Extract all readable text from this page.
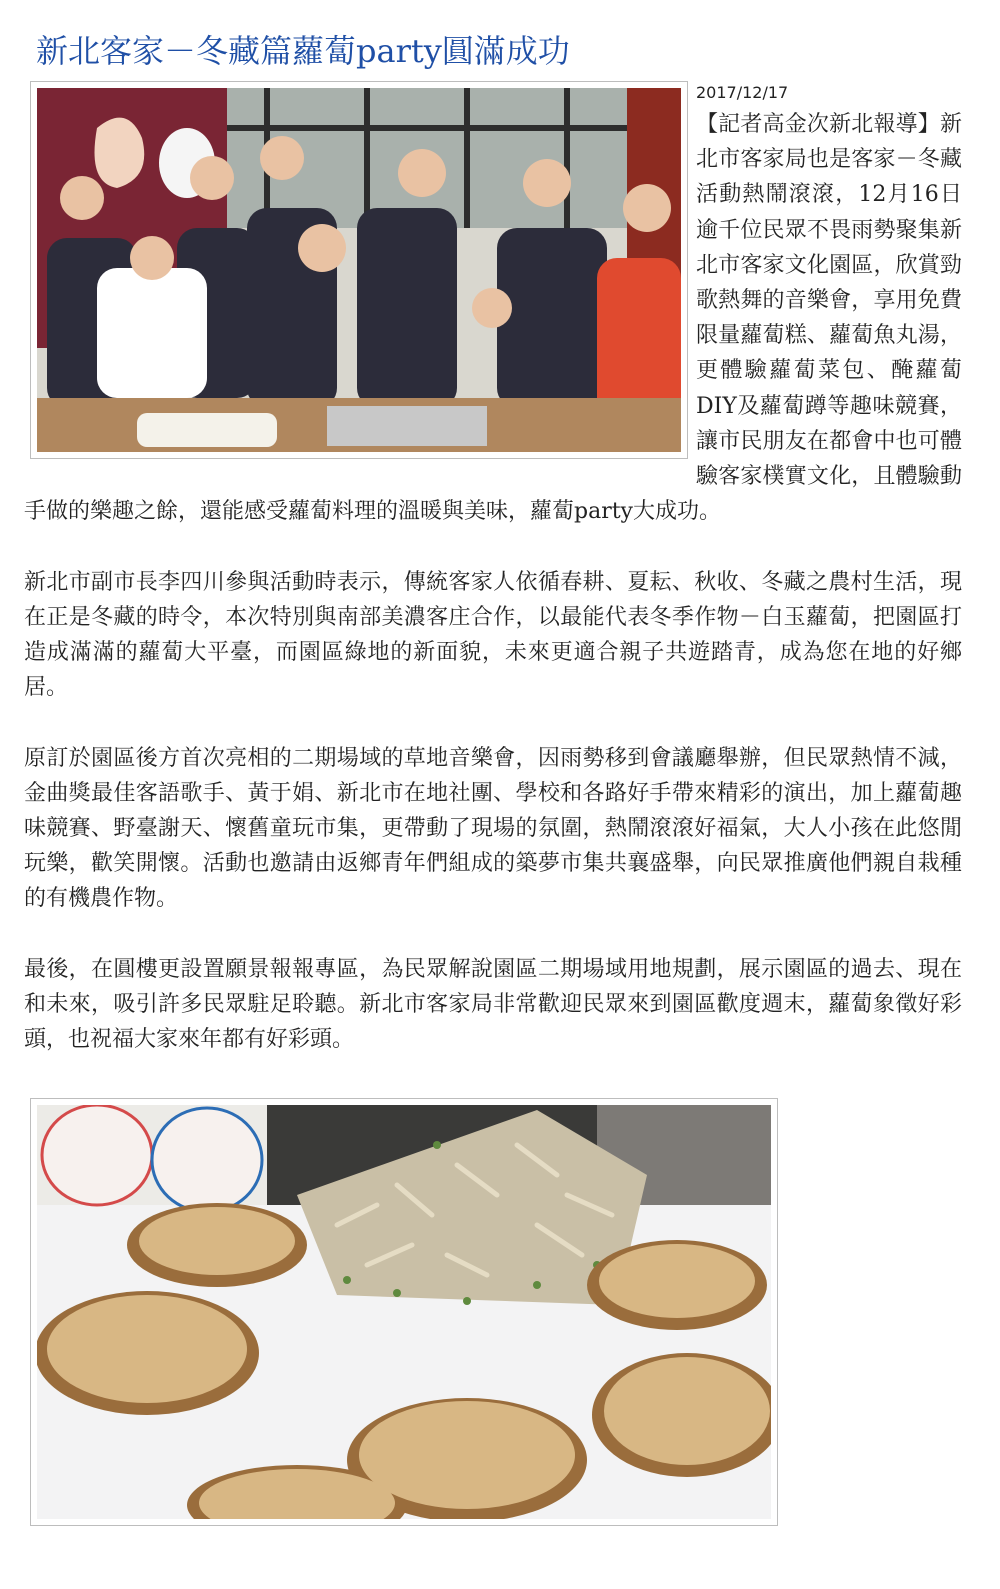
新北客家－冬藏篇蘿蔔party圓滿成功
2017/12/17

【記者高金次新北報導】新北市客家局也是客家－冬藏活動熱鬧滾滾，12月16日逾千位民眾不畏雨勢聚集新北市客家文化園區，欣賞勁歌熱舞的音樂會，享用免費限量蘿蔔糕、蘿蔔魚丸湯，更體驗蘿蔔菜包、醃蘿蔔DIY及蘿蔔蹲等趣味競賽，讓市民朋友在都會中也可體驗客家樸實文化，且體驗動手做的樂趣之餘，還能感受蘿蔔料理的溫暖與美味，蘿蔔party大成功。

新北市副市長李四川參與活動時表示，傳統客家人依循春耕、夏耘、秋收、冬藏之農村生活，現在正是冬藏的時令，本次特別與南部美濃客庄合作，以最能代表冬季作物－白玉蘿蔔，把園區打造成滿滿的蘿蔔大平臺，而園區綠地的新面貌，未來更適合親子共遊踏青，成為您在地的好鄉居。

原訂於園區後方首次亮相的二期場域的草地音樂會，因雨勢移到會議廳舉辦，但民眾熱情不減，金曲獎最佳客語歌手、黃于娟、新北市在地社團、學校和各路好手帶來精彩的演出，加上蘿蔔趣味競賽、野臺謝天、懷舊童玩市集，更帶動了現場的氛圍，熱鬧滾滾好福氣，大人小孩在此悠閒玩樂，歡笑開懷。活動也邀請由返鄉青年們組成的築夢市集共襄盛舉，向民眾推廣他們親自栽種的有機農作物。

最後，在圓樓更設置願景報報專區，為民眾解說園區二期場域用地規劃，展示園區的過去、現在和未來，吸引許多民眾駐足聆聽。新北市客家局非常歡迎民眾來到園區歡度週末，蘿蔔象徵好彩頭，也祝福大家來年都有好彩頭。
